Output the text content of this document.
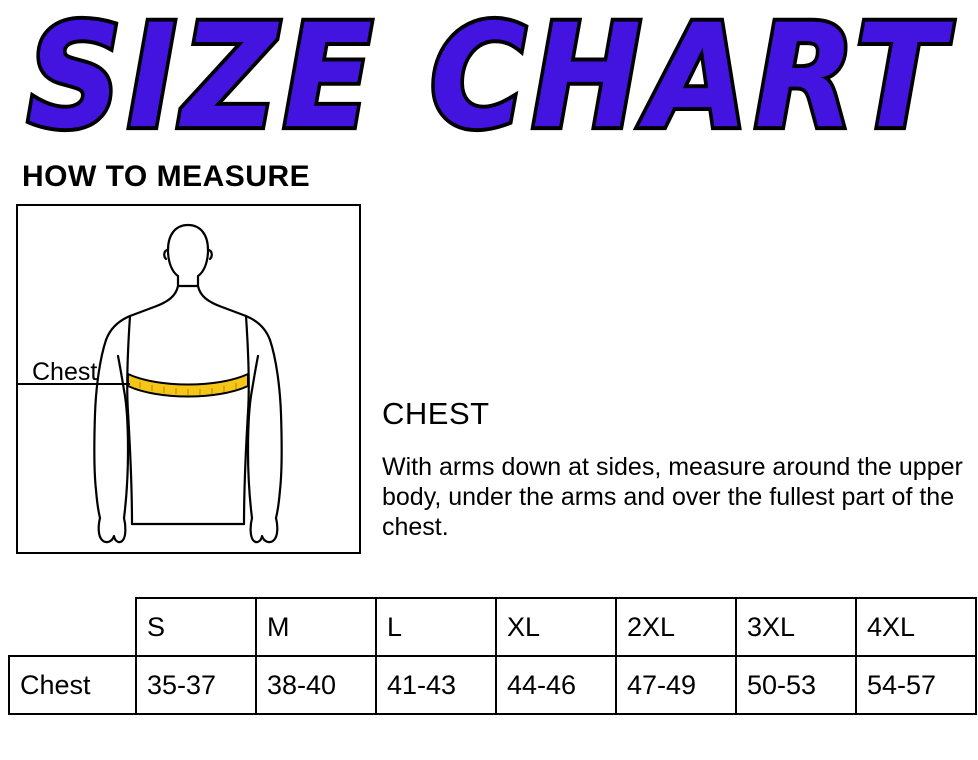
SIZE CHART
HOW TO MEASURE
Chest
CHEST
With arms down at sides, measure around the upper body, under the arms and over the fullest part of the chest.
	S	M	L	XL	2XL	3XL	4XL
Chest	35-37	38-40	41-43	44-46	47-49	50-53	54-57
